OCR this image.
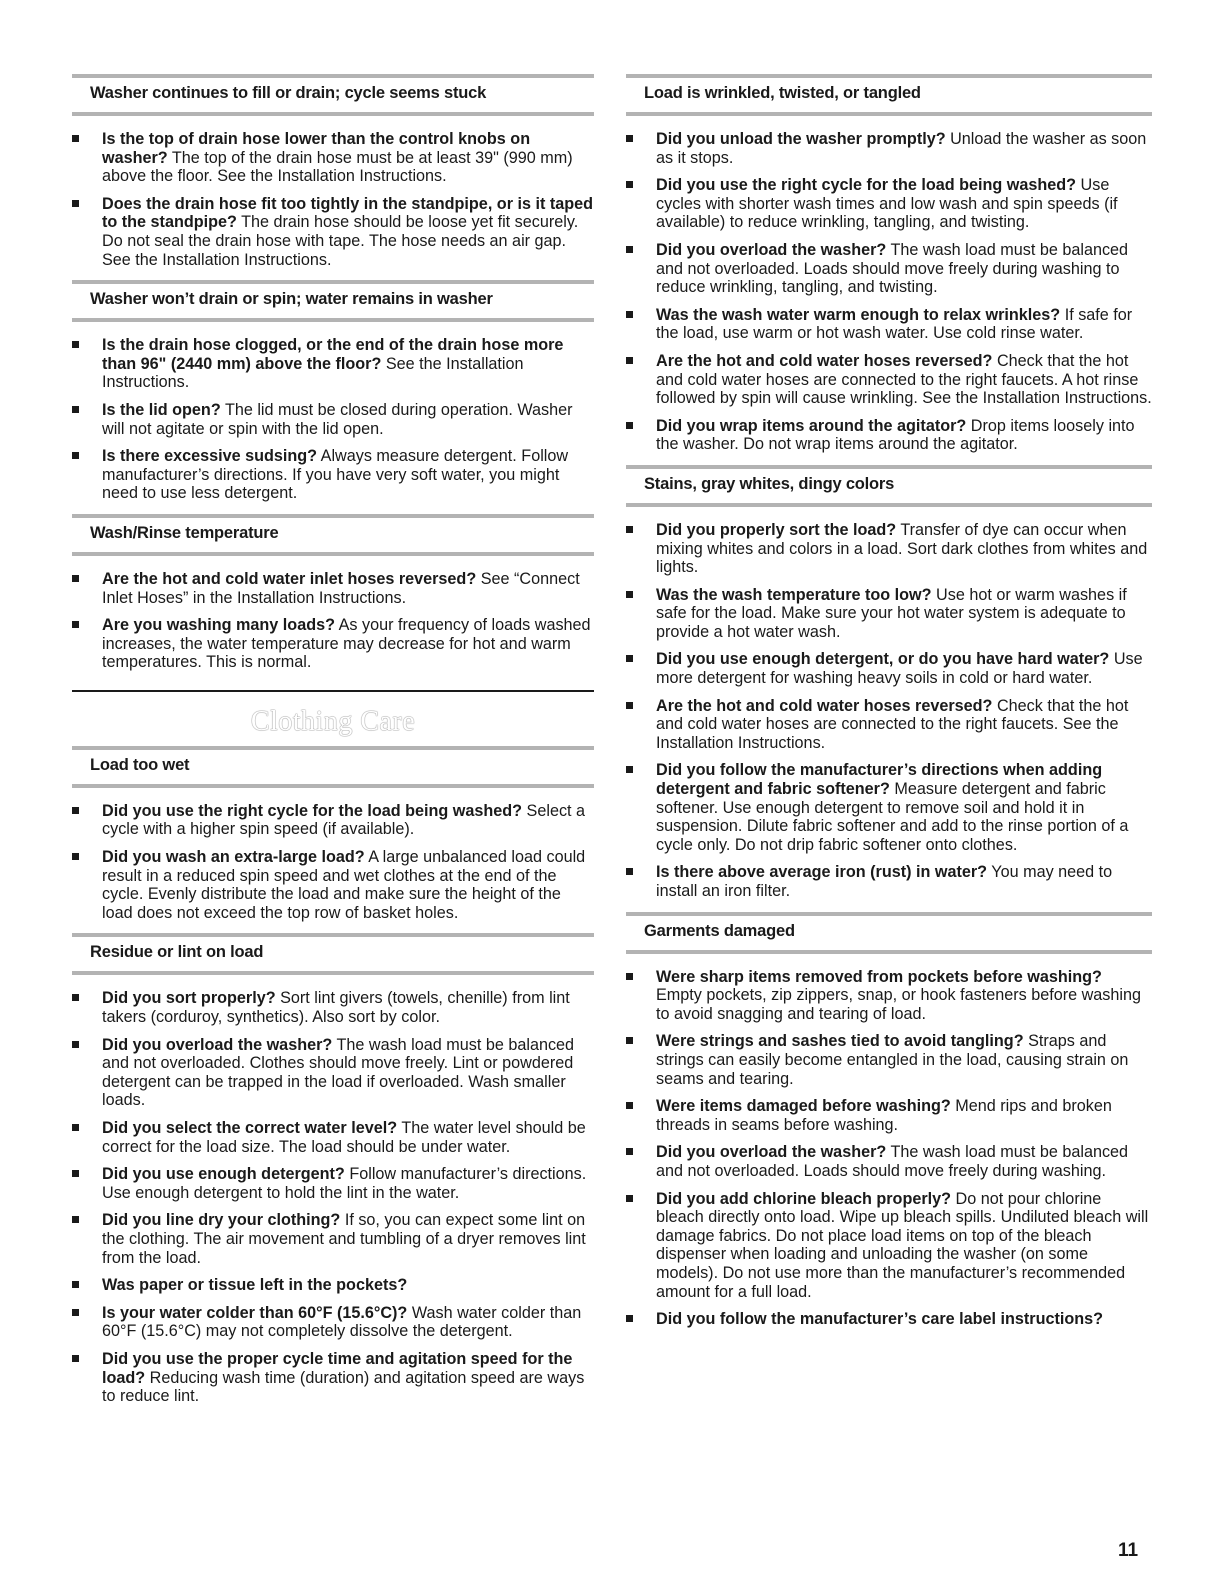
Washer continues to fill or drain; cycle seems stuck
Is the top of drain hose lower than the control knobs on washer? The top of the drain hose must be at least 39" (990 mm) above the floor. See the Installation Instructions.
Does the drain hose fit too tightly in the standpipe, or is it taped to the standpipe? The drain hose should be loose yet fit securely. Do not seal the drain hose with tape. The hose needs an air gap. See the Installation Instructions.
Washer won’t drain or spin; water remains in washer
Is the drain hose clogged, or the end of the drain hose more than 96" (2440 mm) above the floor? See the Installation Instructions.
Is the lid open? The lid must be closed during operation. Washer will not agitate or spin with the lid open.
Is there excessive sudsing? Always measure detergent. Follow manufacturer’s directions. If you have very soft water, you might need to use less detergent.
Wash/Rinse temperature
Are the hot and cold water inlet hoses reversed? See “Connect Inlet Hoses” in the Installation Instructions.
Are you washing many loads? As your frequency of loads washed increases, the water temperature may decrease for hot and warm temperatures. This is normal.
Clothing Care
Load too wet
Did you use the right cycle for the load being washed? Select a cycle with a higher spin speed (if available).
Did you wash an extra-large load? A large unbalanced load could result in a reduced spin speed and wet clothes at the end of the cycle. Evenly distribute the load and make sure the height of the load does not exceed the top row of basket holes.
Residue or lint on load
Did you sort properly? Sort lint givers (towels, chenille) from lint takers (corduroy, synthetics). Also sort by color.
Did you overload the washer? The wash load must be balanced and not overloaded. Clothes should move freely. Lint or powdered detergent can be trapped in the load if overloaded. Wash smaller loads.
Did you select the correct water level? The water level should be correct for the load size. The load should be under water.
Did you use enough detergent? Follow manufacturer’s directions. Use enough detergent to hold the lint in the water.
Did you line dry your clothing? If so, you can expect some lint on the clothing. The air movement and tumbling of a dryer removes lint from the load.
Was paper or tissue left in the pockets?
Is your water colder than 60°F (15.6°C)? Wash water colder than 60°F (15.6°C) may not completely dissolve the detergent.
Did you use the proper cycle time and agitation speed for the load? Reducing wash time (duration) and agitation speed are ways to reduce lint.
Load is wrinkled, twisted, or tangled
Did you unload the washer promptly? Unload the washer as soon as it stops.
Did you use the right cycle for the load being washed? Use cycles with shorter wash times and low wash and spin speeds (if available) to reduce wrinkling, tangling, and twisting.
Did you overload the washer? The wash load must be balanced and not overloaded. Loads should move freely during washing to reduce wrinkling, tangling, and twisting.
Was the wash water warm enough to relax wrinkles? If safe for the load, use warm or hot wash water. Use cold rinse water.
Are the hot and cold water hoses reversed? Check that the hot and cold water hoses are connected to the right faucets. A hot rinse followed by spin will cause wrinkling. See the Installation Instructions.
Did you wrap items around the agitator? Drop items loosely into the washer. Do not wrap items around the agitator.
Stains, gray whites, dingy colors
Did you properly sort the load? Transfer of dye can occur when mixing whites and colors in a load. Sort dark clothes from whites and lights.
Was the wash temperature too low? Use hot or warm washes if safe for the load. Make sure your hot water system is adequate to provide a hot water wash.
Did you use enough detergent, or do you have hard water? Use more detergent for washing heavy soils in cold or hard water.
Are the hot and cold water hoses reversed? Check that the hot and cold water hoses are connected to the right faucets. See the Installation Instructions.
Did you follow the manufacturer’s directions when adding detergent and fabric softener? Measure detergent and fabric softener. Use enough detergent to remove soil and hold it in suspension. Dilute fabric softener and add to the rinse portion of a cycle only. Do not drip fabric softener onto clothes.
Is there above average iron (rust) in water? You may need to install an iron filter.
Garments damaged
Were sharp items removed from pockets before washing? Empty pockets, zip zippers, snap, or hook fasteners before washing to avoid snagging and tearing of load.
Were strings and sashes tied to avoid tangling? Straps and strings can easily become entangled in the load, causing strain on seams and tearing.
Were items damaged before washing? Mend rips and broken threads in seams before washing.
Did you overload the washer? The wash load must be balanced and not overloaded. Loads should move freely during washing.
Did you add chlorine bleach properly? Do not pour chlorine bleach directly onto load. Wipe up bleach spills. Undiluted bleach will damage fabrics. Do not place load items on top of the bleach dispenser when loading and unloading the washer (on some models). Do not use more than the manufacturer’s recommended amount for a full load.
Did you follow the manufacturer’s care label instructions?
11
